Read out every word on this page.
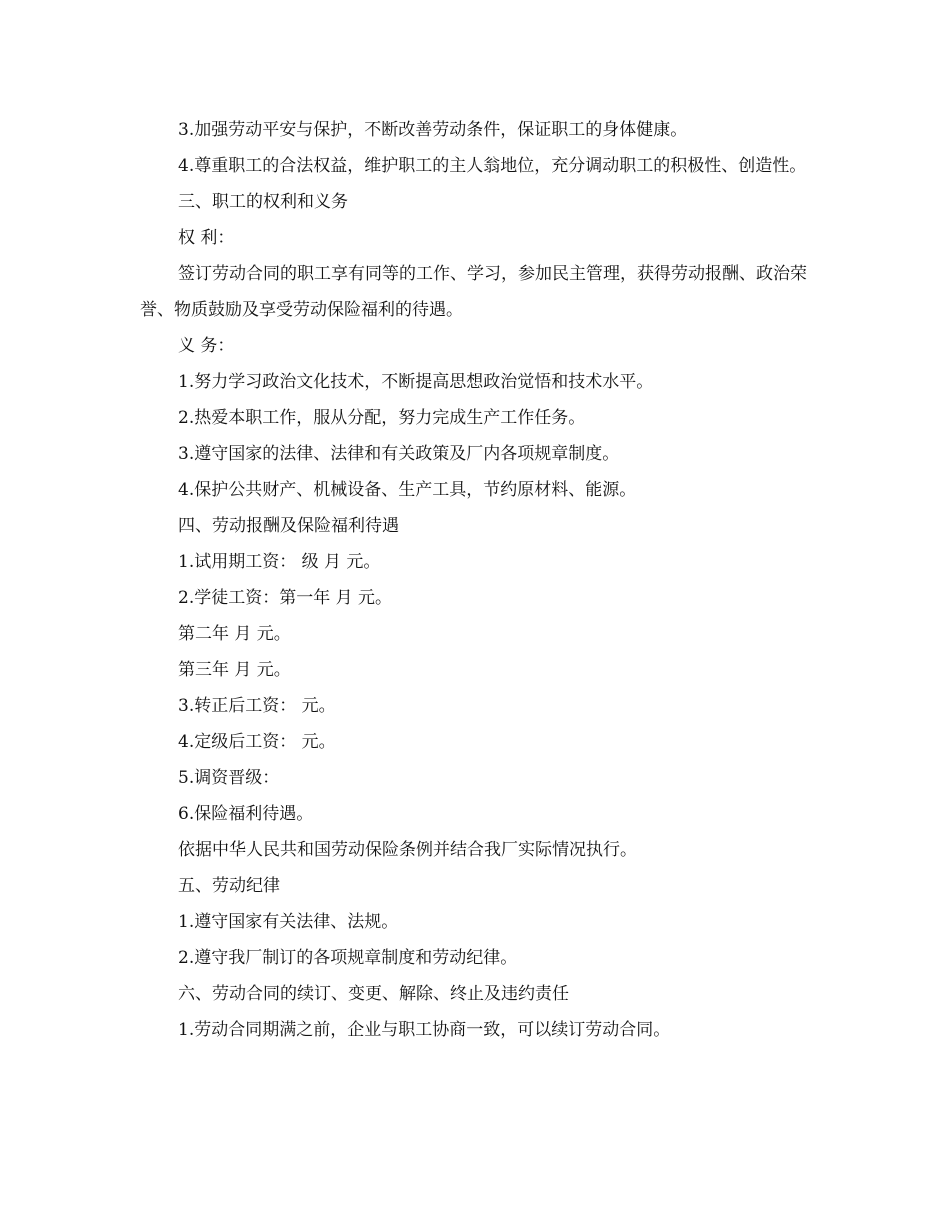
3.加强劳动平安与保护，不断改善劳动条件，保证职工的身体健康。

4.尊重职工的合法权益，维护职工的主人翁地位，充分调动职工的积极性、创造性。

三、职工的权利和义务

权 利：

签订劳动合同的职工享有同等的工作、学习，参加民主管理，获得劳动报酬、政治荣誉、物质鼓励及享受劳动保险福利的待遇。

义 务：

1.努力学习政治文化技术，不断提高思想政治觉悟和技术水平。

2.热爱本职工作，服从分配，努力完成生产工作任务。

3.遵守国家的法律、法律和有关政策及厂内各项规章制度。

4.保护公共财产、机械设备、生产工具，节约原材料、能源。

四、劳动报酬及保险福利待遇

1.试用期工资： 级 月 元。

2.学徒工资：第一年 月 元。

第二年 月 元。

第三年 月 元。

3.转正后工资： 元。

4.定级后工资： 元。

5.调资晋级：

6.保险福利待遇。

依据中华人民共和国劳动保险条例并结合我厂实际情况执行。

五、劳动纪律

1.遵守国家有关法律、法规。

2.遵守我厂制订的各项规章制度和劳动纪律。

六、劳动合同的续订、变更、解除、终止及违约责任

1.劳动合同期满之前，企业与职工协商一致，可以续订劳动合同。
